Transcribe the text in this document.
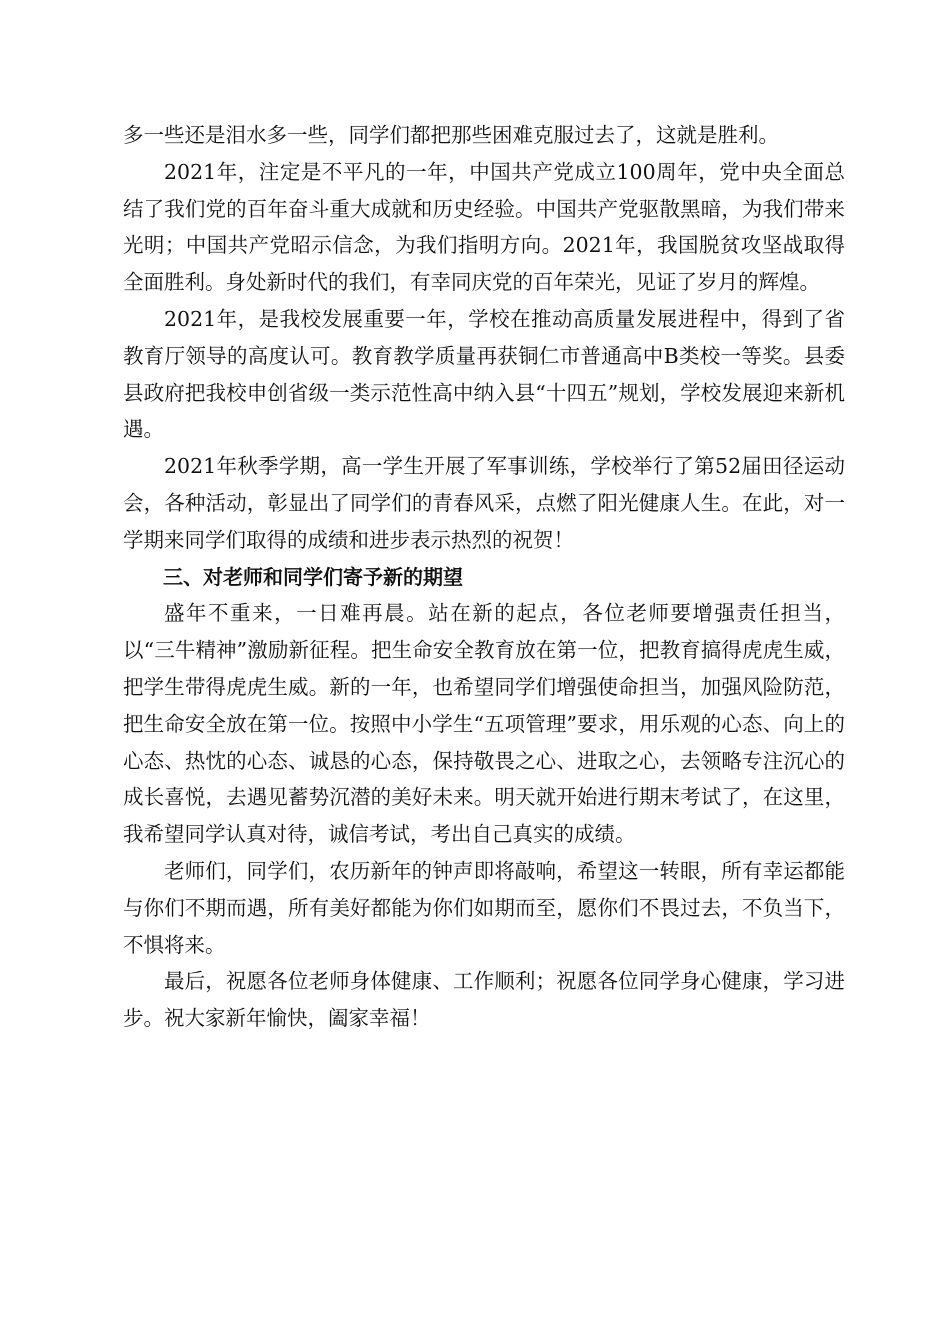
多一些还是泪水多一些，同学们都把那些困难克服过去了，这就是胜利。

2021年，注定是不平凡的一年，中国共产党成立100周年，党中央全面总结了我们党的百年奋斗重大成就和历史经验。中国共产党驱散黑暗，为我们带来光明；中国共产党昭示信念，为我们指明方向。2021年，我国脱贫攻坚战取得全面胜利。身处新时代的我们，有幸同庆党的百年荣光，见证了岁月的辉煌。

2021年，是我校发展重要一年，学校在推动高质量发展进程中，得到了省教育厅领导的高度认可。教育教学质量再获铜仁市普通高中B类校一等奖。县委县政府把我校申创省级一类示范性高中纳入县“十四五”规划，学校发展迎来新机遇。

2021年秋季学期，高一学生开展了军事训练，学校举行了第52届田径运动会，各种活动，彰显出了同学们的青春风采，点燃了阳光健康人生。在此，对一学期来同学们取得的成绩和进步表示热烈的祝贺！

三、对老师和同学们寄予新的期望

盛年不重来，一日难再晨。站在新的起点，各位老师要增强责任担当，以“三牛精神”激励新征程。把生命安全教育放在第一位，把教育搞得虎虎生威，把学生带得虎虎生威。新的一年，也希望同学们增强使命担当，加强风险防范，把生命安全放在第一位。按照中小学生“五项管理”要求，用乐观的心态、向上的心态、热忱的心态、诚恳的心态，保持敬畏之心、进取之心，去领略专注沉心的成长喜悦，去遇见蓄势沉潜的美好未来。明天就开始进行期末考试了，在这里，我希望同学认真对待，诚信考试，考出自己真实的成绩。

老师们，同学们，农历新年的钟声即将敲响，希望这一转眼，所有幸运都能与你们不期而遇，所有美好都能为你们如期而至，愿你们不畏过去，不负当下，不惧将来。

最后，祝愿各位老师身体健康、工作顺利；祝愿各位同学身心健康，学习进步。祝大家新年愉快，阖家幸福！
